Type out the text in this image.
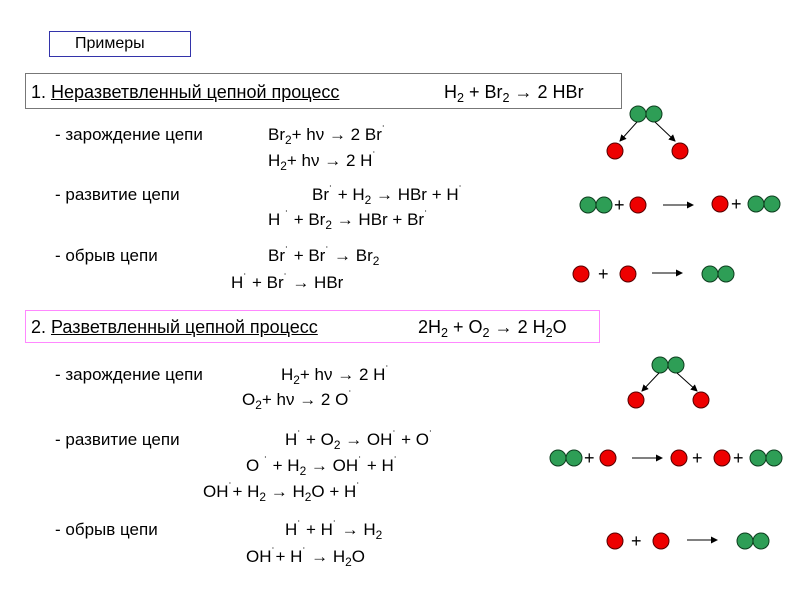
Примеры
1. Неразветвленный цепной процесс	$H_2 + Br_2 \to 2$ HBr
- зарождение цепи	$Br_2+ h\nu \to 2$ Br˙
$H_2+ h\nu \to 2$ H˙
- развитие цепи	$Br^˙ + H_2$ → HBr + H˙
H $^˙ + Br_2$ → HBr + Br˙
- обрыв цепи	$Br^˙ + Br^˙ \to Br_2$
H˙ + Br˙ → HBr
2. Разветвленный цепной процесс	$2H_2 + O_2 \to 2$ $H_2O$
- зарождение цепи	$H_2+ h\nu \to 2$ H˙
$O_2+ h\nu \to 2$ O˙
- развитие цепи	$H^˙ + O_2 \to OH^˙ + O^˙$
O $^˙ + H_2 \to OH^˙ + H^˙$
$OH^˙+ H_2 \to H_2O + H^˙$
- обрыв цепи	$H^˙ + H^˙ \to H_2$
$OH^˙+ H^˙ \to H_2O$
+	+
+
+	+ +
+
